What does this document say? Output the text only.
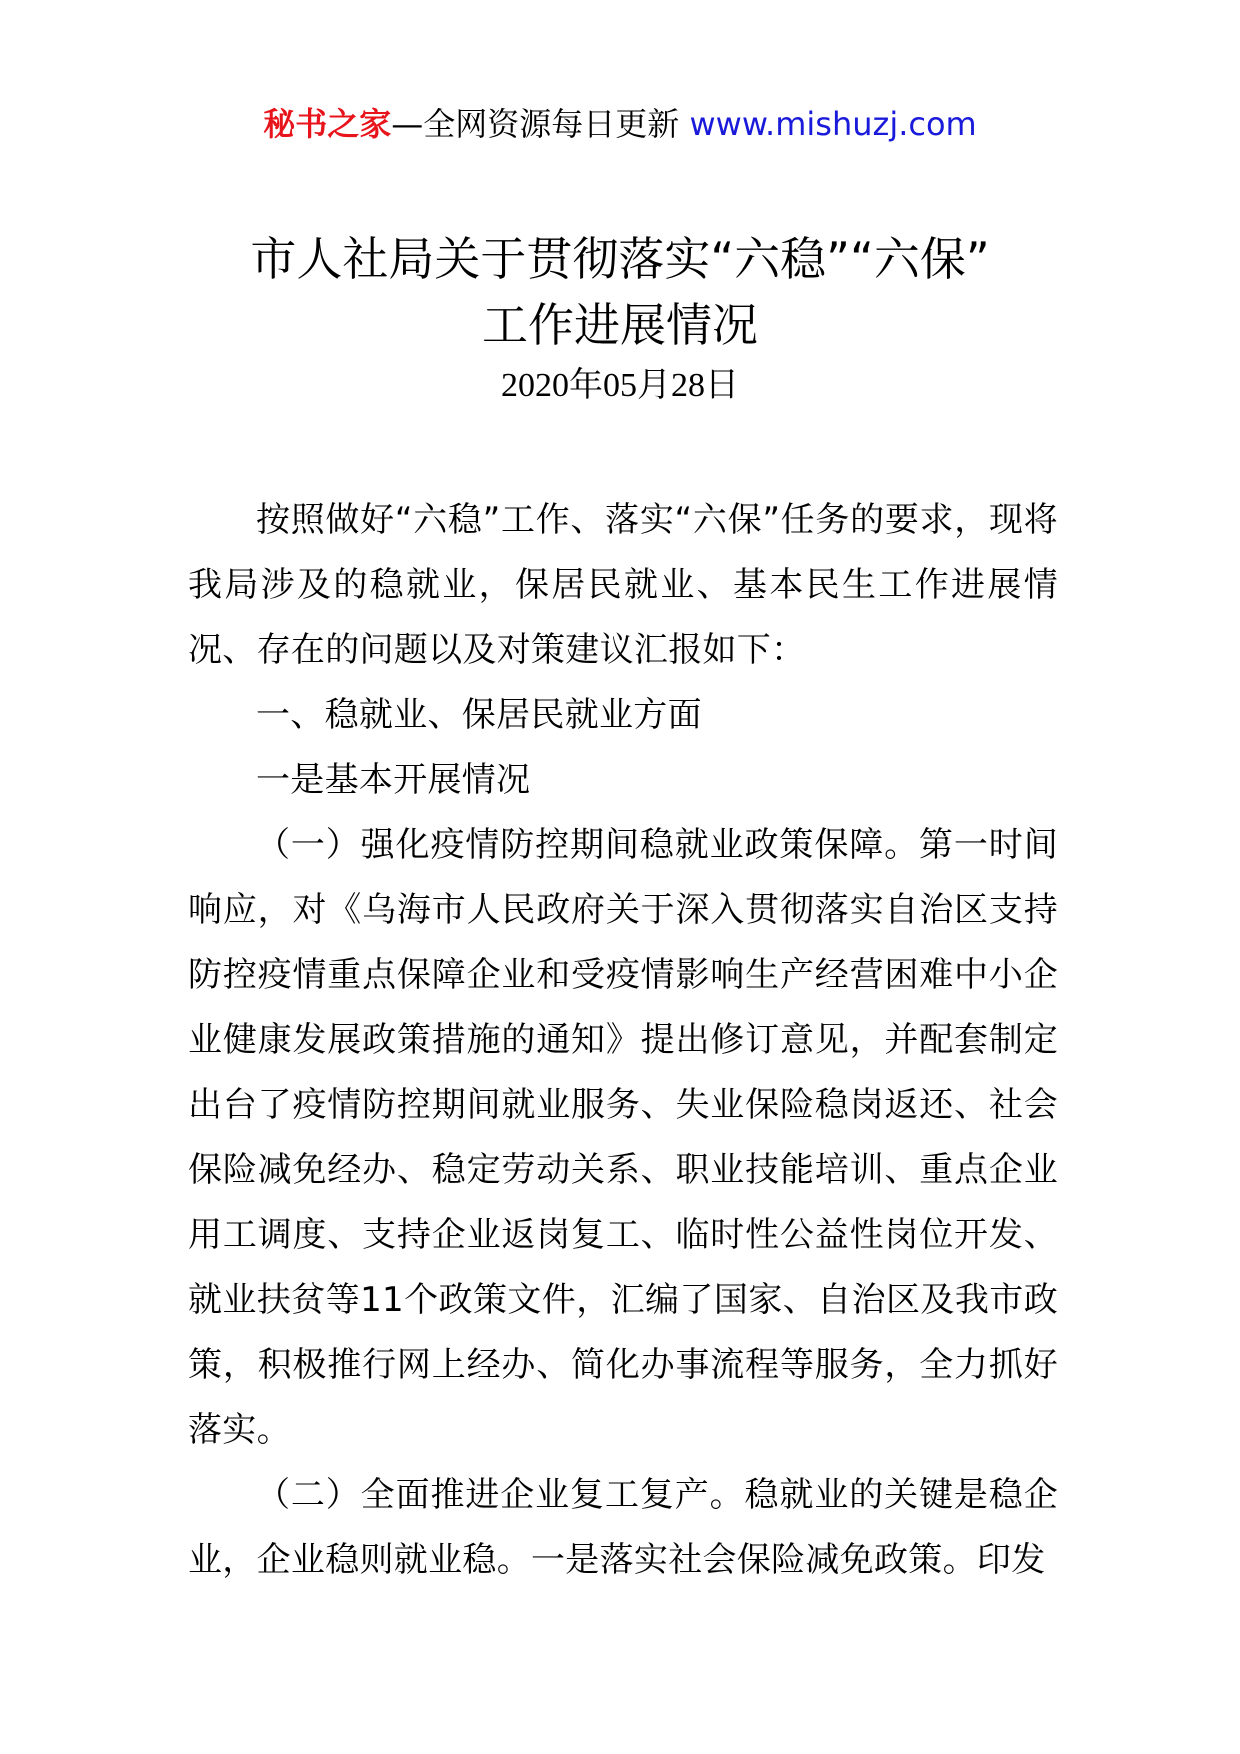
秘书之家—全网资源每日更新 www.mishuzj.com
市人社局关于贯彻落实“六稳”“六保”
工作进展情况
2020年05月28日

按照做好“六稳”工作、落实“六保”任务的要求，现将我局涉及的稳就业，保居民就业、基本民生工作进展情况、存在的问题以及对策建议汇报如下：

一、稳就业、保居民就业方面

一是基本开展情况

（一）强化疫情防控期间稳就业政策保障。第一时间响应，对《乌海市人民政府关于深入贯彻落实自治区支持防控疫情重点保障企业和受疫情影响生产经营困难中小企业健康发展政策措施的通知》提出修订意见，并配套制定出台了疫情防控期间就业服务、失业保险稳岗返还、社会保险减免经办、稳定劳动关系、职业技能培训、重点企业用工调度、支持企业返岗复工、临时性公益性岗位开发、就业扶贫等11个政策文件，汇编了国家、自治区及我市政策，积极推行网上经办、简化办事流程等服务，全力抓好落实。

（二）全面推进企业复工复产。稳就业的关键是稳企业，企业稳则就业稳。一是落实社会保险减免政策。印发
